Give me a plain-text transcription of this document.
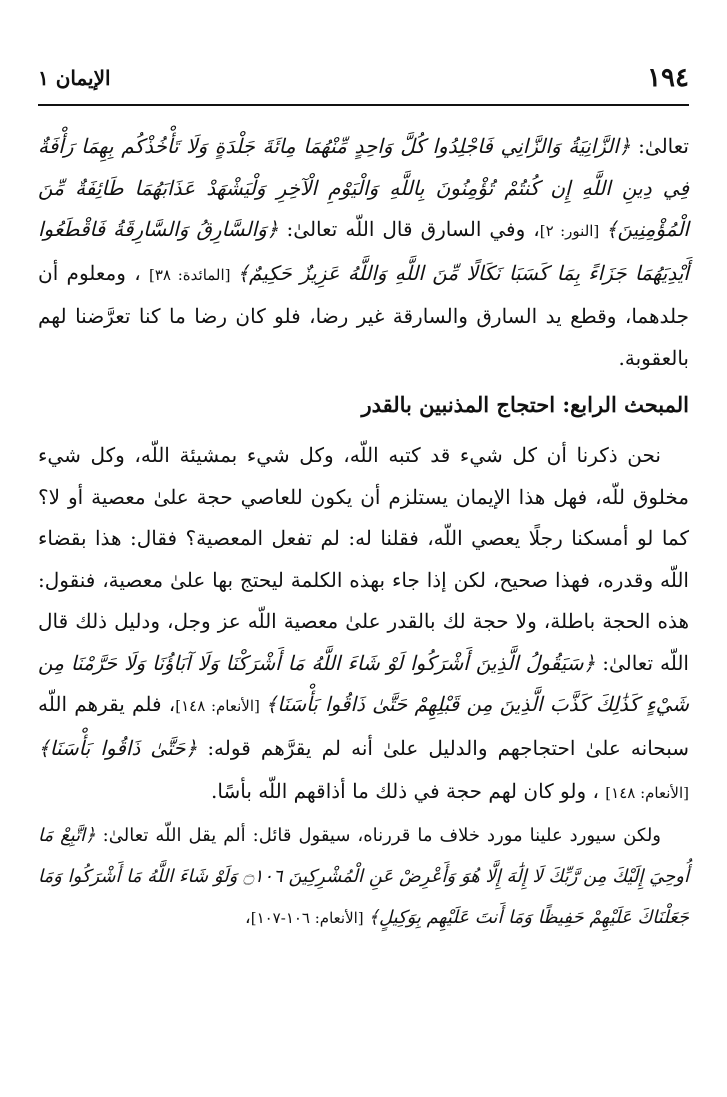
١٩٤
الإيمان ١

تعالىٰ: ﴿الزَّانِيَةُ وَالزَّانِي فَاجْلِدُوا كُلَّ وَاحِدٍ مِّنْهُمَا مِائَةَ جَلْدَةٍ وَلَا تَأْخُذْكُم بِهِمَا رَأْفَةٌ فِي دِينِ اللَّهِ إِن كُنتُمْ تُؤْمِنُونَ بِاللَّهِ وَالْيَوْمِ الْآخِرِ وَلْيَشْهَدْ عَذَابَهُمَا طَائِفَةٌ مِّنَ الْمُؤْمِنِينَ﴾ [النور: ٢]، وفي السارق قال اللّه تعالىٰ: ﴿وَالسَّارِقُ وَالسَّارِقَةُ فَاقْطَعُوا أَيْدِيَهُمَا جَزَاءً بِمَا كَسَبَا نَكَالًا مِّنَ اللَّهِ وَاللَّهُ عَزِيزٌ حَكِيمٌ﴾ [المائدة: ٣٨] ، ومعلوم أن جلدهما، وقطع يد السارق والسارقة غير رضا، فلو كان رضا ما كنا تعرَّضنا لهم بالعقوبة.

المبحث الرابع: احتجاج المذنبين بالقدر

نحن ذكرنا أن كل شيء قد كتبه اللّه، وكل شيء بمشيئة اللّه، وكل شيء مخلوق للّه، فهل هذا الإيمان يستلزم أن يكون للعاصي حجة علىٰ معصية أو لا؟ كما لو أمسكنا رجلًا يعصي اللّه، فقلنا له: لم تفعل المعصية؟ فقال: هذا بقضاء اللّه وقدره، فهذا صحيح، لكن إذا جاء بهذه الكلمة ليحتج بها علىٰ معصية، فنقول: هذه الحجة باطلة، ولا حجة لك بالقدر علىٰ معصية اللّه عز وجل، ودليل ذلك قال اللّه تعالىٰ: ﴿سَيَقُولُ الَّذِينَ أَشْرَكُوا لَوْ شَاءَ اللَّهُ مَا أَشْرَكْنَا وَلَا آبَاؤُنَا وَلَا حَرَّمْنَا مِن شَيْءٍ كَذَٰلِكَ كَذَّبَ الَّذِينَ مِن قَبْلِهِمْ حَتَّىٰ ذَاقُوا بَأْسَنَا﴾ [الأنعام: ١٤٨]، فلم يقرهم اللّه سبحانه علىٰ احتجاجهم والدليل علىٰ أنه لم يقرَّهم قوله: ﴿حَتَّىٰ ذَاقُوا بَأْسَنَا﴾ [الأنعام: ١٤٨] ، ولو كان لهم حجة في ذلك ما أذاقهم اللّه بأسًا.

ولكن سيورد علينا مورد خلاف ما قررناه، سيقول قائل: ألم يقل اللّه تعالىٰ: ﴿اتَّبِعْ مَا أُوحِيَ إِلَيْكَ مِن رَّبِّكَ لَا إِلَٰهَ إِلَّا هُوَ وَأَعْرِضْ عَنِ الْمُشْرِكِينَ ۝١٠٦ وَلَوْ شَاءَ اللَّهُ مَا أَشْرَكُوا وَمَا جَعَلْنَاكَ عَلَيْهِمْ حَفِيظًا وَمَا أَنتَ عَلَيْهِم بِوَكِيلٍ﴾ [الأنعام: ١٠٦-١٠٧]،
